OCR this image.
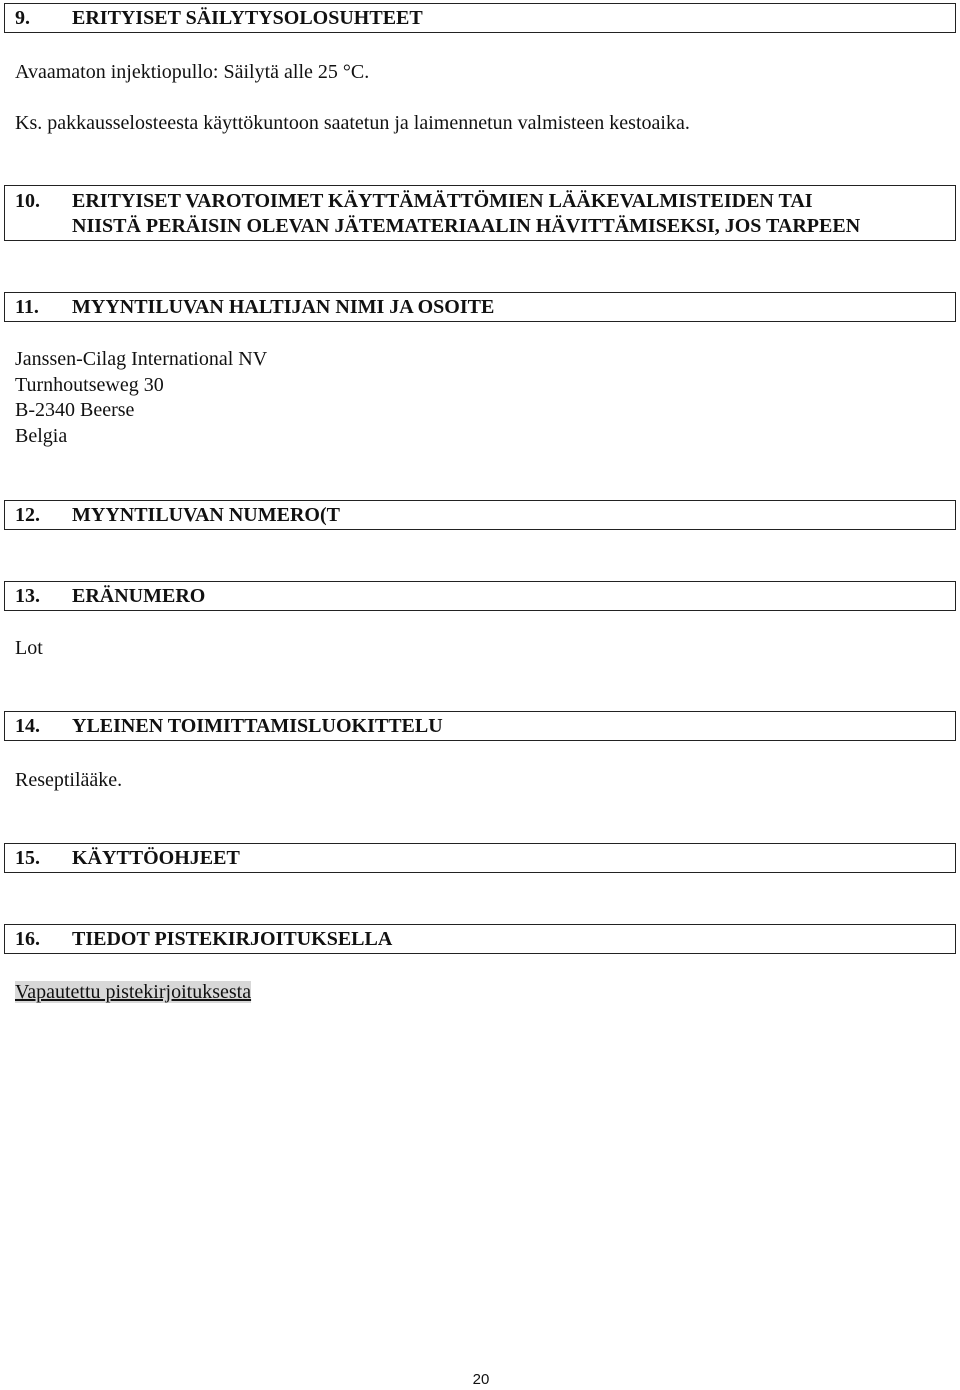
9. ERITYISET SÄILYTYSOLOSUHTEET
Avaamaton injektiopullo: Säilytä alle 25 °C.
Ks. pakkausselosteesta käyttökuntoon saatetun ja laimennetun valmisteen kestoaika.
10. ERITYISET VAROTOIMET KÄYTTÄMÄTTÖMIEN LÄÄKEVALMISTEIDEN TAI
NIISTÄ PERÄISIN OLEVAN JÄTEMATERIAALIN HÄVITTÄMISEKSI, JOS TARPEEN
11. MYYNTILUVAN HALTIJAN NIMI JA OSOITE
Janssen-Cilag International NV
Turnhoutseweg 30
B-2340 Beerse
Belgia
12. MYYNTILUVAN NUMERO(T
13. ERÄNUMERO
Lot
14. YLEINEN TOIMITTAMISLUOKITTELU
Reseptilääke.
15. KÄYTTÖOHJEET
16. TIEDOT PISTEKIRJOITUKSELLA
Vapautettu pistekirjoituksesta
20
